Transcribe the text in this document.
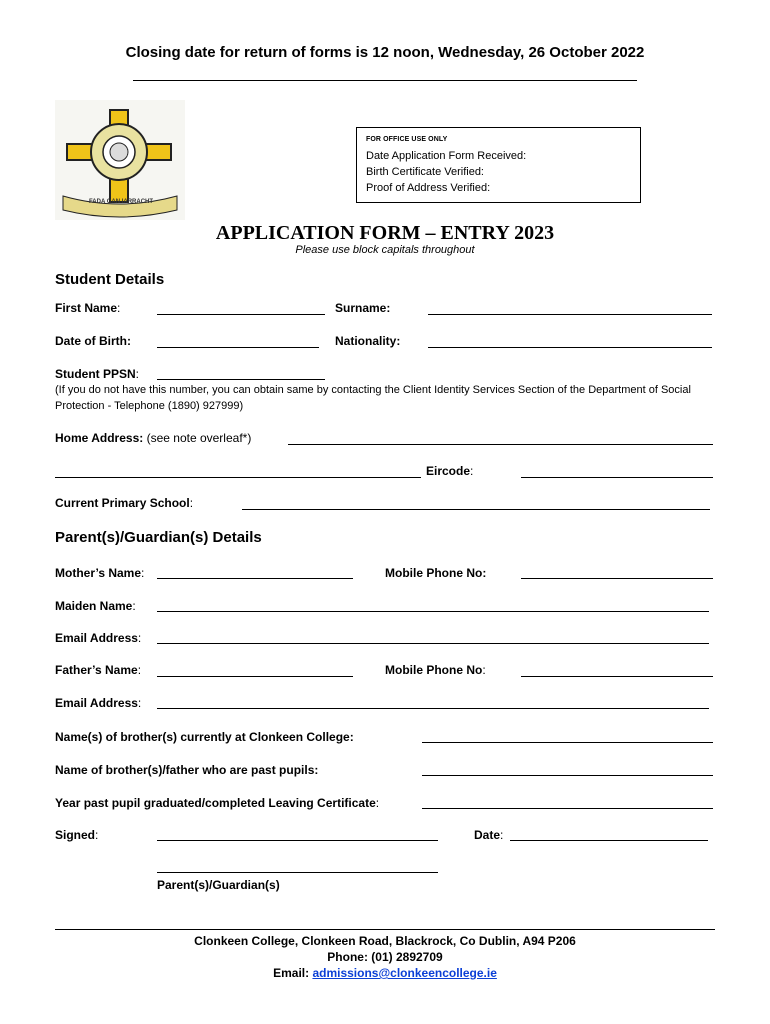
Closing date for return of forms is 12 noon, Wednesday, 26 October 2022
FADA GAN IARRACHT
FOR OFFICE USE ONLY
Date Application Form Received:
Birth Certificate Verified:
Proof of Address Verified:
APPLICATION FORM – ENTRY 2023
Please use block capitals throughout
Student Details
First Name:	Surname:
Date of Birth:	Nationality:
Student PPSN:
(If you do not have this number, you can obtain same by contacting the Client Identity Services Section of the Department of Social Protection - Telephone (1890) 927999)
Home Address: (see note overleaf*)
Eircode:
Current Primary School:
Parent(s)/Guardian(s) Details
Mother’s Name:	Mobile Phone No:
Maiden Name:
Email Address:
Father’s Name:	Mobile Phone No:
Email Address:
Name(s) of brother(s) currently at Clonkeen College:
Name of brother(s)/father who are past pupils:
Year past pupil graduated/completed Leaving Certificate:
Signed:	Date:
Parent(s)/Guardian(s)
Clonkeen College, Clonkeen Road, Blackrock, Co Dublin, A94 P206
Phone: (01) 2892709
Email: admissions@clonkeencollege.ie
